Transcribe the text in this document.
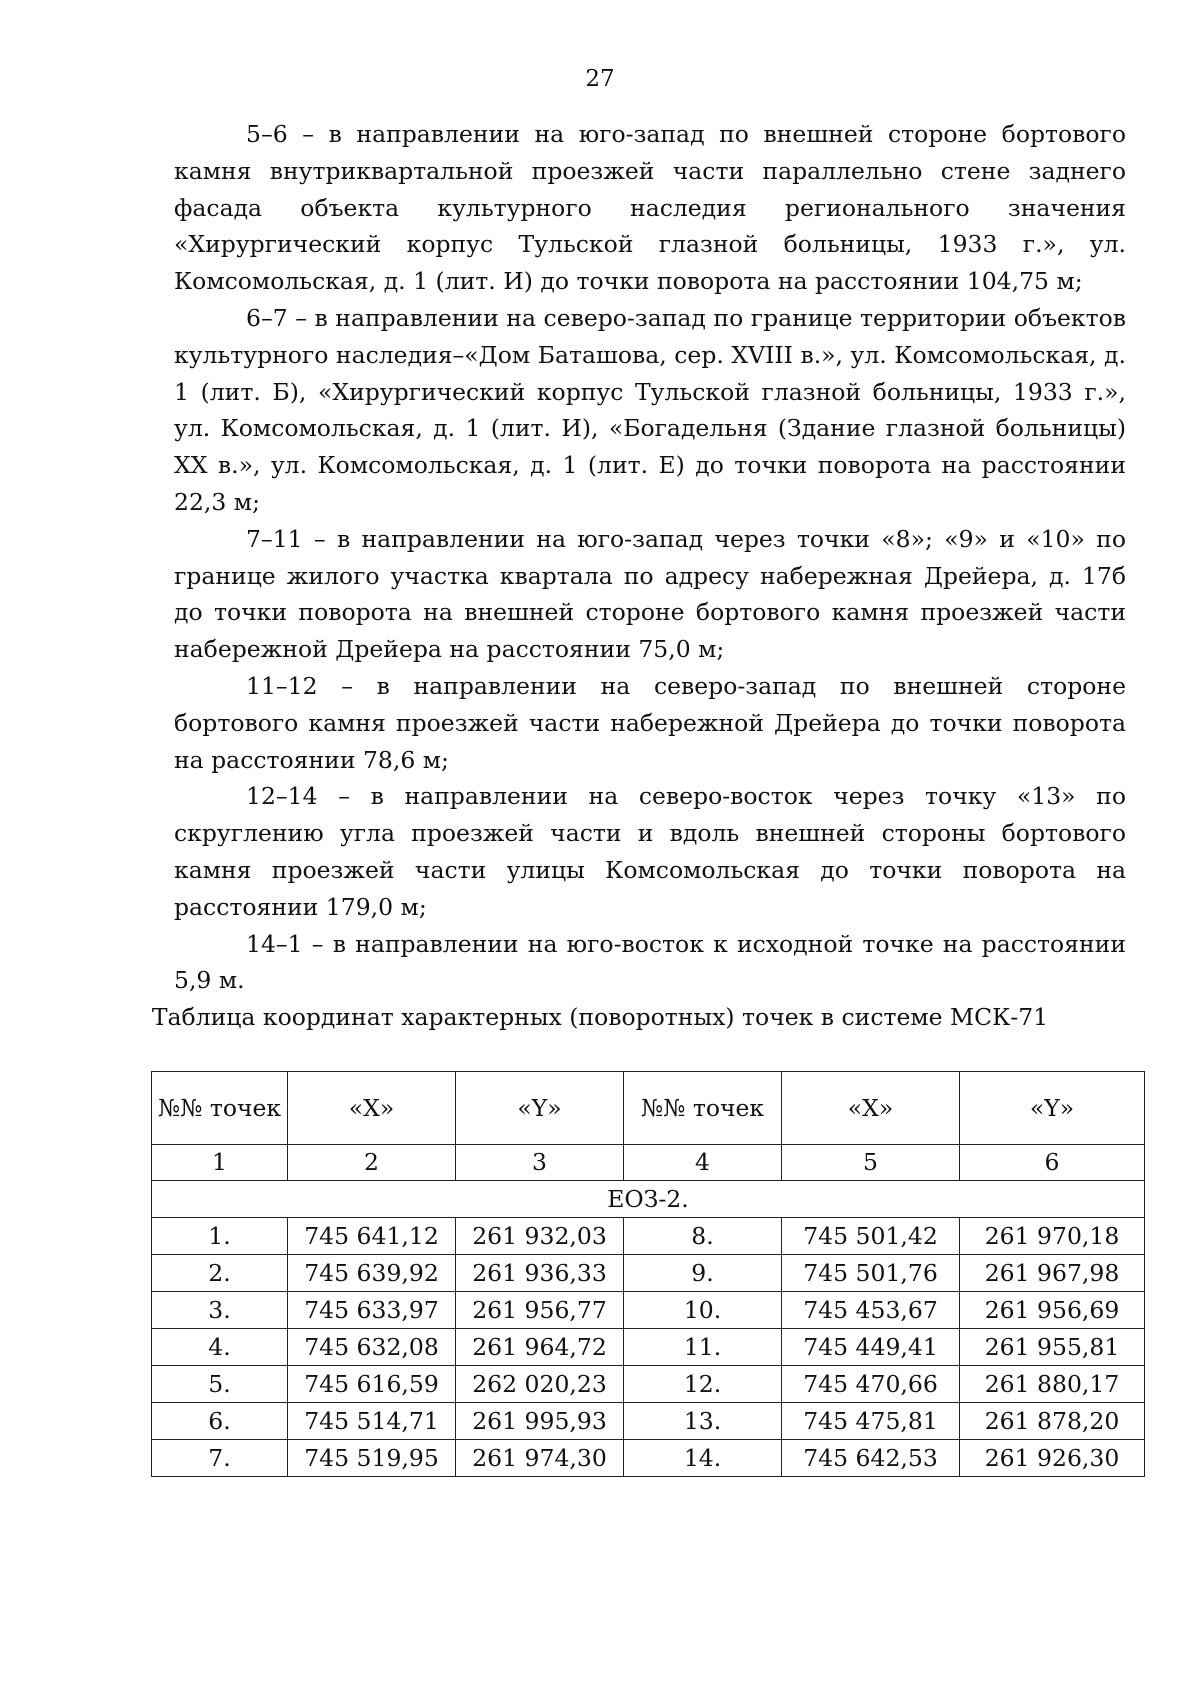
27

5–6 – в направлении на юго-запад по внешней стороне бортового камня внутриквартальной проезжей части параллельно стене заднего фасада объекта культурного наследия регионального значения «Хирургический корпус Тульской глазной больницы, 1933 г.», ул. Комсомольская, д. 1 (лит. И) до точки поворота на расстоянии 104,75 м;

6–7 – в направлении на северо-запад по границе территории объектов культурного наследия–«Дом Баташова, сер. XVIII в.», ул. Комсомольская, д. 1 (лит. Б), «Хирургический корпус Тульской глазной больницы, 1933 г.», ул. Комсомольская, д. 1 (лит. И), «Богадельня (Здание глазной больницы) XX в.», ул. Комсомольская, д. 1 (лит. Е) до точки поворота на расстоянии 22,3 м;

7–11 – в направлении на юго-запад через точки «8»; «9» и «10» по границе жилого участка квартала по адресу набережная Дрейера, д. 17б до точки поворота на внешней стороне бортового камня проезжей части набережной Дрейера на расстоянии 75,0 м;

11–12 – в направлении на северо-запад по внешней стороне бортового камня проезжей части набережной Дрейера до точки поворота на расстоянии 78,6 м;

12–14 – в направлении на северо-восток через точку «13» по скруглению угла проезжей части и вдоль внешней стороны бортового камня проезжей части улицы Комсомольская до точки поворота на расстоянии 179,0 м;

14–1 – в направлении на юго-восток к исходной точке на расстоянии 5,9 м.

Таблица координат характерных (поворотных) точек в системе МСК-71
№№ точек	«X»	«Y»	№№ точек	«X»	«Y»
1	2	3	4	5	6
ЕОЗ-2.					
1.	745 641,12	261 932,03	8.	745 501,42	261 970,18
2.	745 639,92	261 936,33	9.	745 501,76	261 967,98
3.	745 633,97	261 956,77	10.	745 453,67	261 956,69
4.	745 632,08	261 964,72	11.	745 449,41	261 955,81
5.	745 616,59	262 020,23	12.	745 470,66	261 880,17
6.	745 514,71	261 995,93	13.	745 475,81	261 878,20
7.	745 519,95	261 974,30	14.	745 642,53	261 926,30
